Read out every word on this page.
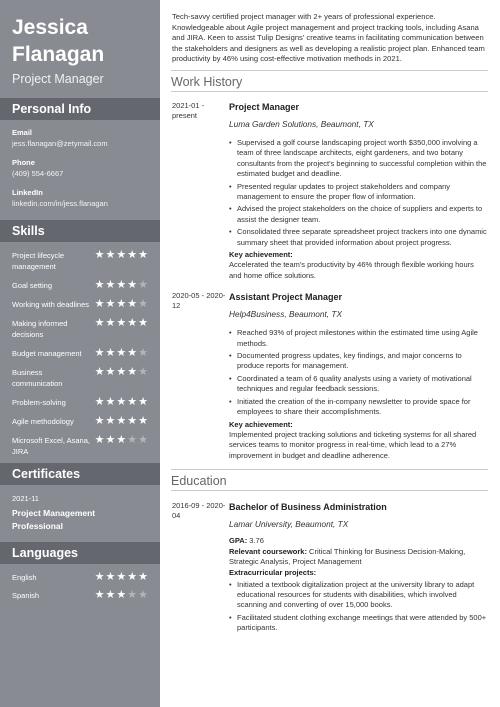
Jessica
Flanagan
Project Manager
Personal Info
Email
jess.flanagan@zetymail.com
Phone
(409) 554-6667
LinkedIn
linkedin.com/in/jess.flanagan
Skills
Project lifecycle management
★ ★ ★ ★ ★
Goal setting	★ ★ ★ ★ ★
Working with deadlines ★ ★ ★ ★ ★
Making informed decisions
★ ★ ★ ★ ★
Budget management	★ ★ ★ ★ ★
Business communication
★ ★ ★ ★ ★
Problem-solving	★ ★ ★ ★ ★
Agile methodology	★ ★ ★ ★ ★
Microsoft Excel, Asana, JIRA
★ ★ ★ ★ ★
Certificates
2021-11
Project Management Professional
Languages
English	★ ★ ★ ★ ★
Spanish	★ ★ ★ ★ ★

Tech-savvy certified project manager with 2+ years of professional experience. Knowledgeable about Agile project management and project tracking tools, including Asana and JIRA. Keen to assist Tulip Designs' creative teams in facilitating communication between the stakeholders and designers as well as developing a realistic project plan. Enhanced team productivity by 46% using cost-effective motivation methods in 2021.

Work History
2021-01 - present
Project Manager
Luma Garden Solutions, Beaumont, TX
• Supervised a golf course landscaping project worth $350,000 involving a team of three landscape architects, eight gardeners, and two botany consultants from the project's beginning to successful completion within the estimated budget and deadline.
• Presented regular updates to project stakeholders and company management to ensure the proper flow of information.
• Advised the project stakeholders on the choice of suppliers and experts to assist the designer team.
• Consolidated three separate spreadsheet project trackers into one dynamic summary sheet that provided information about project progress.
Key achievement:
Accelerated the team's productivity by 46% through flexible working hours and home office solutions.
2020-05 - 2020-12
Assistant Project Manager
Help4Business, Beaumont, TX
• Reached 93% of project milestones within the estimated time using Agile methods.
• Documented progress updates, key findings, and major concerns to produce reports for management.
• Coordinated a team of 6 quality analysts using a variety of motivational techniques and regular feedback sessions.
• Initiated the creation of the in-company newsletter to provide space for employees to share their accomplishments.
Key achievement:
Implemented project tracking solutions and ticketing systems for all shared services teams to monitor progress in real-time, which lead to a 27% improvement in budget and deadline adherence.
Education
2016-09 - 2020-04
Bachelor of Business Administration
Lamar University, Beaumont, TX
GPA: 3.76
Relevant coursework: Critical Thinking for Business Decision-Making, Strategic Analysis, Project Management
Extracurricular projects:
• Initiated a textbook digitalization project at the university library to adapt educational resources for students with disabilities, which involved scanning and converting of over 15,000 books.
• Facilitated student clothing exchange meetings that were attended by 500+ participants.
